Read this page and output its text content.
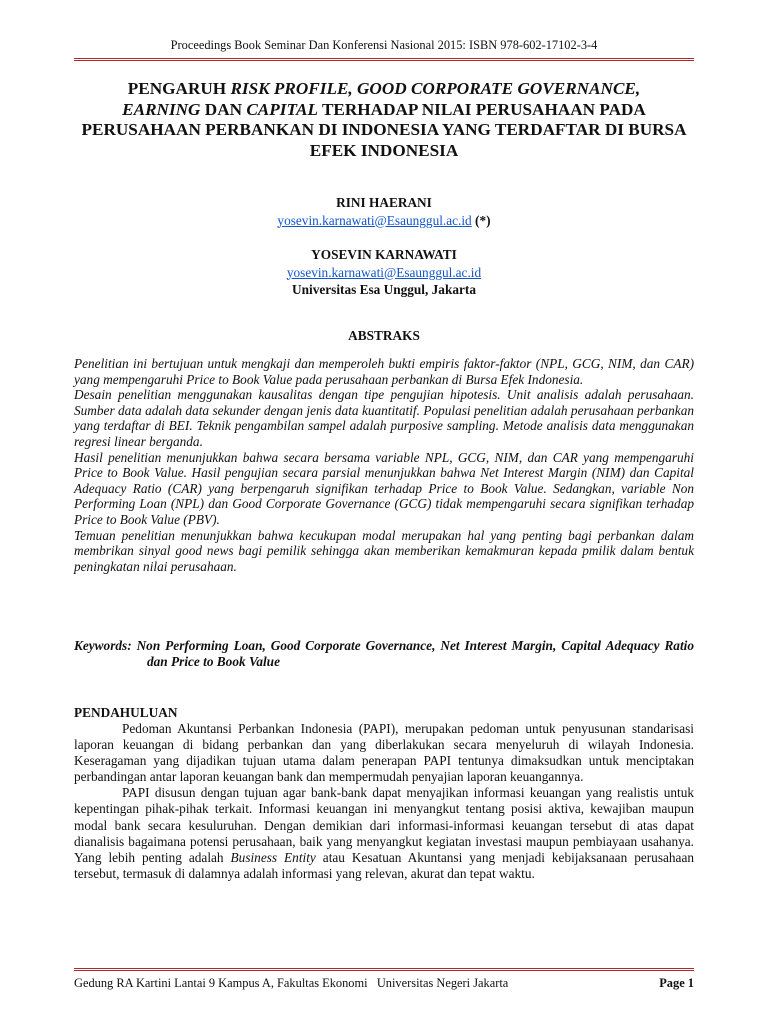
Proceedings Book Seminar Dan Konferensi Nasional 2015: ISBN 978-602-17102-3-4
PENGARUH RISK PROFILE, GOOD CORPORATE GOVERNANCE,
EARNING DAN CAPITAL TERHADAP NILAI PERUSAHAAN PADA PERUSAHAAN PERBANKAN DI INDONESIA YANG TERDAFTAR DI BURSA EFEK INDONESIA
RINI HAERANI
yosevin.karnawati@Esaunggul.ac.id (*)
YOSEVIN KARNAWATI
yosevin.karnawati@Esaunggul.ac.id
Universitas Esa Unggul, Jakarta
ABSTRAKS

Penelitian ini bertujuan untuk mengkaji dan memperoleh bukti empiris faktor-faktor (NPL, GCG, NIM, dan CAR) yang mempengaruhi Price to Book Value pada perusahaan perbankan di Bursa Efek Indonesia.

Desain penelitian menggunakan kausalitas dengan tipe pengujian hipotesis. Unit analisis adalah perusahaan. Sumber data adalah data sekunder dengan jenis data kuantitatif. Populasi penelitian adalah perusahaan perbankan yang terdaftar di BEI. Teknik pengambilan sampel adalah purposive sampling. Metode analisis data menggunakan regresi linear berganda.

Hasil penelitian menunjukkan bahwa secara bersama variable NPL, GCG, NIM, dan CAR yang mempengaruhi Price to Book Value. Hasil pengujian secara parsial menunjukkan bahwa Net Interest Margin (NIM) dan Capital Adequacy Ratio (CAR) yang berpengaruh signifikan terhadap Price to Book Value. Sedangkan, variable Non Performing Loan (NPL) dan Good Corporate Governance (GCG) tidak mempengaruhi secara signifikan terhadap Price to Book Value (PBV).

Temuan penelitian menunjukkan bahwa kecukupan modal merupakan hal yang penting bagi perbankan dalam membrikan sinyal good news bagi pemilik sehingga akan memberikan kemakmuran kepada pmilik dalam bentuk peningkatan nilai perusahaan.

Keywords: Non Performing Loan, Good Corporate Governance, Net Interest Margin, Capital Adequacy Ratio dan Price to Book Value
PENDAHULUAN

Pedoman Akuntansi Perbankan Indonesia (PAPI), merupakan pedoman untuk penyusunan standarisasi laporan keuangan di bidang perbankan dan yang diberlakukan secara menyeluruh di wilayah Indonesia. Keseragaman yang dijadikan tujuan utama dalam penerapan PAPI tentunya dimaksudkan untuk menciptakan perbandingan antar laporan keuangan bank dan mempermudah penyajian laporan keuangannya.

PAPI disusun dengan tujuan agar bank-bank dapat menyajikan informasi keuangan yang realistis untuk kepentingan pihak-pihak terkait. Informasi keuangan ini menyangkut tentang posisi aktiva, kewajiban maupun modal bank secara kesuluruhan. Dengan demikian dari informasi-informasi keuangan tersebut di atas dapat dianalisis bagaimana potensi perusahaan, baik yang menyangkut kegiatan investasi maupun pembiayaan usahanya. Yang lebih penting adalah Business Entity atau Kesatuan Akuntansi yang menjadi kebijaksanaan perusahaan tersebut, termasuk di dalamnya adalah informasi yang relevan, akurat dan tepat waktu.

Gedung RA Kartini Lantai 9 Kampus A, Fakultas Ekonomi   Universitas Negeri Jakarta	Page 1
